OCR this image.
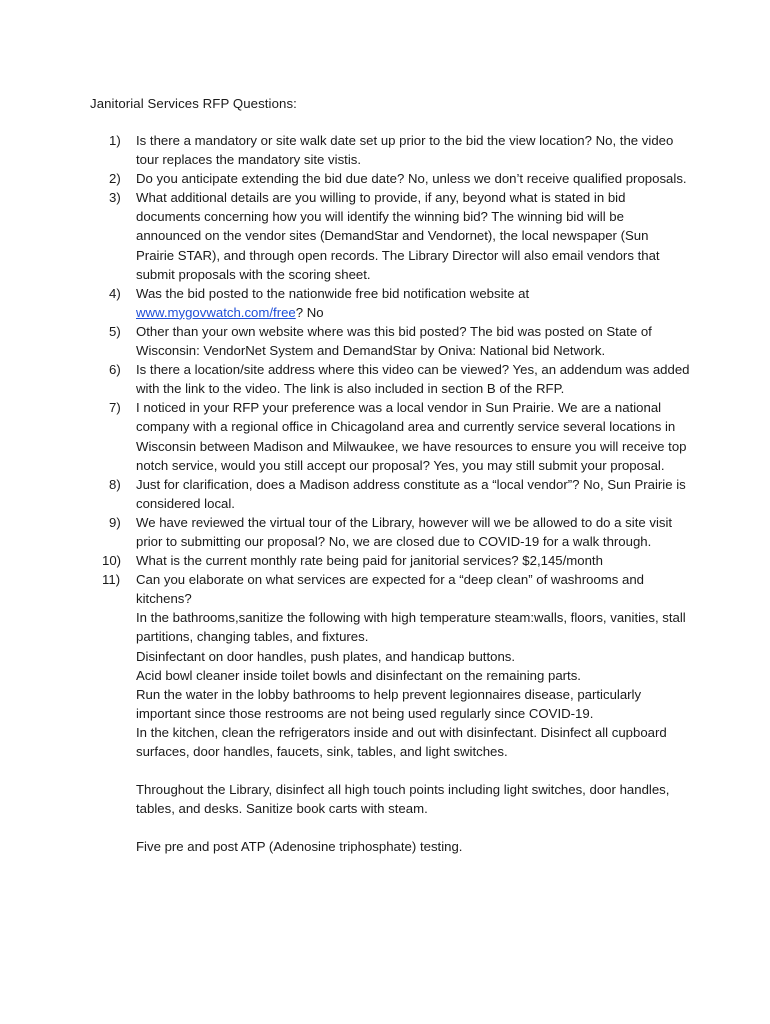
Janitorial Services RFP Questions:
1) Is there a mandatory or site walk date set up prior to the bid the view location? No, the video tour replaces the mandatory site vistis.

2) Do you anticipate extending the bid due date? No, unless we don’t receive qualified proposals.

3) What additional details are you willing to provide, if any, beyond what is stated in bid documents concerning how you will identify the winning bid? The winning bid will be announced on the vendor sites (DemandStar and Vendornet), the local newspaper (Sun Prairie STAR), and through open records. The Library Director will also email vendors that submit proposals with the scoring sheet.

4) Was the bid posted to the nationwide free bid notification website at www.mygovwatch.com/free? No

5) Other than your own website where was this bid posted? The bid was posted on State of Wisconsin: VendorNet System and DemandStar by Oniva: National bid Network.

6) Is there a location/site address where this video can be viewed? Yes, an addendum was added with the link to the video. The link is also included in section B of the RFP.

7) I noticed in your RFP your preference was a local vendor in Sun Prairie. We are a national company with a regional office in Chicagoland area and currently service several locations in Wisconsin between Madison and Milwaukee, we have resources to ensure you will receive top notch service, would you still accept our proposal? Yes, you may still submit your proposal.

8) Just for clarification, does a Madison address constitute as a “local vendor”? No, Sun Prairie is considered local.

9) We have reviewed the virtual tour of the Library, however will we be allowed to do a site visit prior to submitting our proposal? No, we are closed due to COVID-19 for a walk through.

10) What is the current monthly rate being paid for janitorial services? $2,145/month

11) Can you elaborate on what services are expected for a “deep clean” of washrooms and kitchens?

In the bathrooms,sanitize the following with high temperature steam:walls, floors, vanities, stall partitions, changing tables, and fixtures.

Disinfectant on door handles, push plates, and handicap buttons.

Acid bowl cleaner inside toilet bowls and disinfectant on the remaining parts.

Run the water in the lobby bathrooms to help prevent legionnaires disease, particularly important since those restrooms are not being used regularly since COVID-19.

In the kitchen, clean the refrigerators inside and out with disinfectant. Disinfect all cupboard surfaces, door handles, faucets, sink, tables, and light switches.

Throughout the Library, disinfect all high touch points including light switches, door handles, tables, and desks. Sanitize book carts with steam.

Five pre and post ATP (Adenosine triphosphate) testing.
